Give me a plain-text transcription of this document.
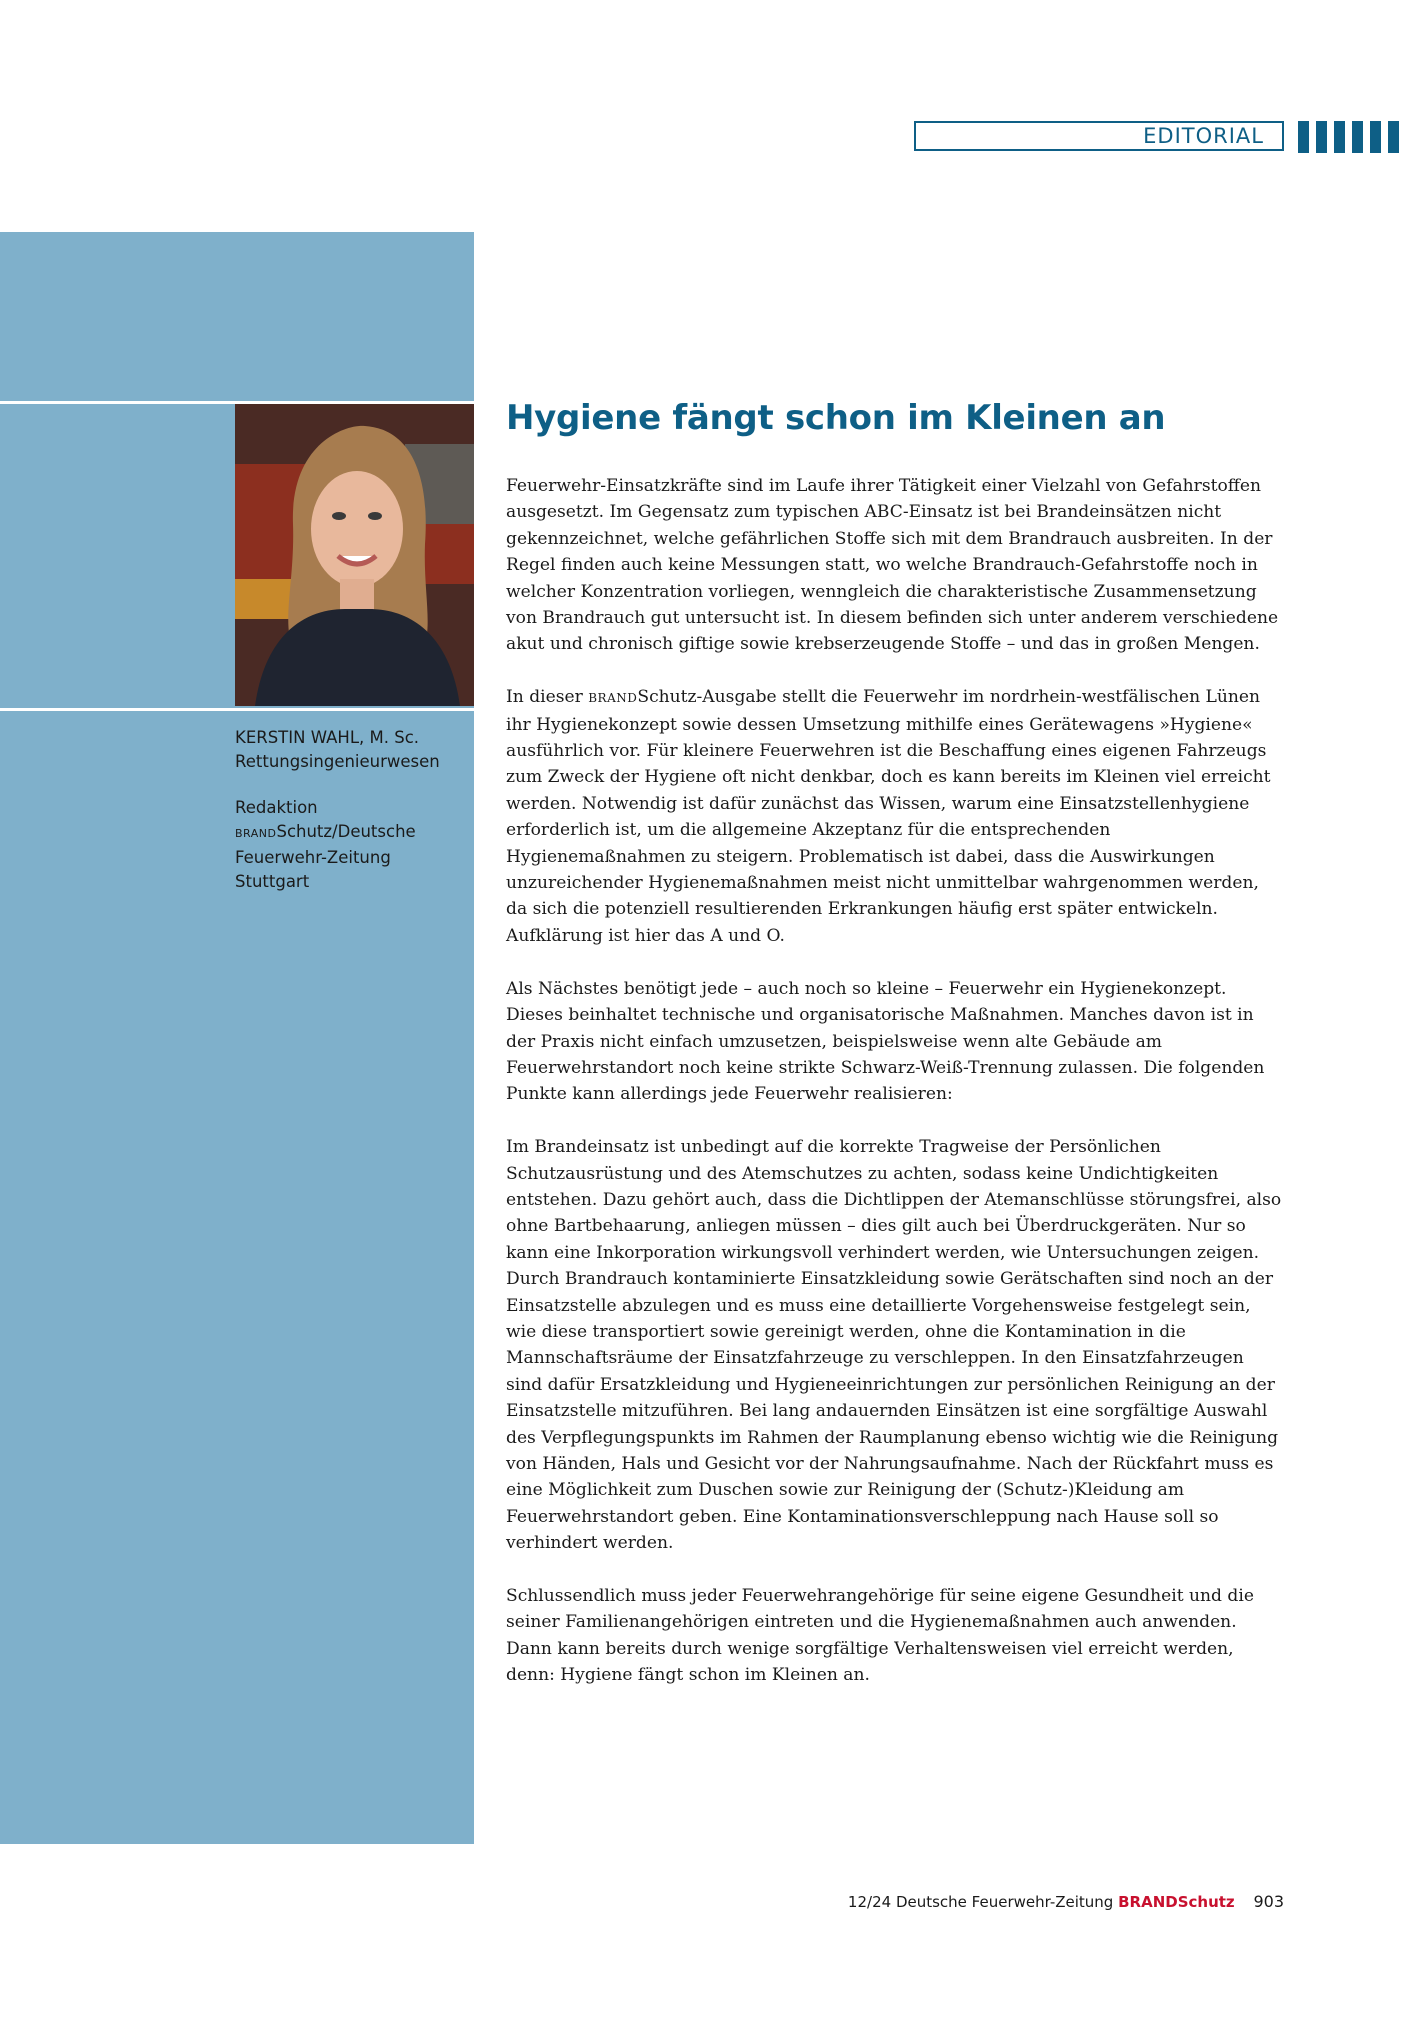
EDITORIAL
KERSTIN WAHL, M. Sc.
Rettungsingenieurwesen
Redaktion
BRANDSchutz/Deutsche
Feuerwehr-Zeitung
Stuttgart
Hygiene fängt schon im Kleinen an

Feuerwehr-Einsatzkräfte sind im Laufe ihrer Tätigkeit einer Vielzahl von Gefahrstoffen ausgesetzt. Im Gegensatz zum typischen ABC-Einsatz ist bei Brandeinsätzen nicht gekennzeichnet, welche gefährlichen Stoffe sich mit dem Brandrauch ausbreiten. In der Regel finden auch keine Messungen statt, wo welche Brandrauch-Gefahrstoffe noch in welcher Konzentration vorliegen, wenngleich die charakteristische Zusammensetzung von Brandrauch gut untersucht ist. In diesem befinden sich unter anderem verschiedene akut und chronisch giftige sowie krebserzeugende Stoffe – und das in großen Mengen.

In dieser BRANDSchutz-Ausgabe stellt die Feuerwehr im nordrhein-westfälischen Lünen ihr Hygienekonzept sowie dessen Umsetzung mithilfe eines Gerätewagens »Hygiene« ausführlich vor. Für kleinere Feuerwehren ist die Beschaffung eines eigenen Fahrzeugs zum Zweck der Hygiene oft nicht denkbar, doch es kann bereits im Kleinen viel erreicht werden. Notwendig ist dafür zunächst das Wissen, warum eine Einsatzstellenhygiene erforderlich ist, um die allgemeine Akzeptanz für die entsprechenden Hygienemaßnahmen zu steigern. Problematisch ist dabei, dass die Auswirkungen unzureichender Hygienemaßnahmen meist nicht unmittelbar wahrgenommen werden, da sich die potenziell resultierenden Erkrankungen häufig erst später entwickeln. Aufklärung ist hier das A und O.

Als Nächstes benötigt jede – auch noch so kleine – Feuerwehr ein Hygienekonzept. Dieses beinhaltet technische und organisatorische Maßnahmen. Manches davon ist in der Praxis nicht einfach umzusetzen, beispielsweise wenn alte Gebäude am Feuerwehrstandort noch keine strikte Schwarz-Weiß-Trennung zulassen. Die folgenden Punkte kann allerdings jede Feuerwehr realisieren:

Im Brandeinsatz ist unbedingt auf die korrekte Tragweise der Persönlichen Schutzausrüstung und des Atemschutzes zu achten, sodass keine Undichtigkeiten entstehen. Dazu gehört auch, dass die Dichtlippen der Atemanschlüsse störungsfrei, also ohne Bartbehaarung, anliegen müssen – dies gilt auch bei Überdruckgeräten. Nur so kann eine Inkorporation wirkungsvoll verhindert werden, wie Untersuchungen zeigen. Durch Brandrauch kontaminierte Einsatzkleidung sowie Gerätschaften sind noch an der Einsatzstelle abzulegen und es muss eine detaillierte Vorgehensweise festgelegt sein, wie diese transportiert sowie gereinigt werden, ohne die Kontamination in die Mannschaftsräume der Einsatzfahrzeuge zu verschleppen. In den Einsatzfahrzeugen sind dafür Ersatzkleidung und Hygieneeinrichtungen zur persönlichen Reinigung an der Einsatzstelle mitzuführen. Bei lang andauernden Einsätzen ist eine sorgfältige Auswahl des Verpflegungspunkts im Rahmen der Raumplanung ebenso wichtig wie die Reinigung von Händen, Hals und Gesicht vor der Nahrungsaufnahme. Nach der Rückfahrt muss es eine Möglichkeit zum Duschen sowie zur Reinigung der (Schutz-)Kleidung am Feuerwehrstandort geben. Eine Kontaminationsverschleppung nach Hause soll so verhindert werden.

Schlussendlich muss jeder Feuerwehrangehörige für seine eigene Gesundheit und die seiner Familienangehörigen eintreten und die Hygienemaßnahmen auch anwenden. Dann kann bereits durch wenige sorgfältige Verhaltensweisen viel erreicht werden, denn: Hygiene fängt schon im Kleinen an.

12/24 Deutsche Feuerwehr-Zeitung BRANDSchutz 903
